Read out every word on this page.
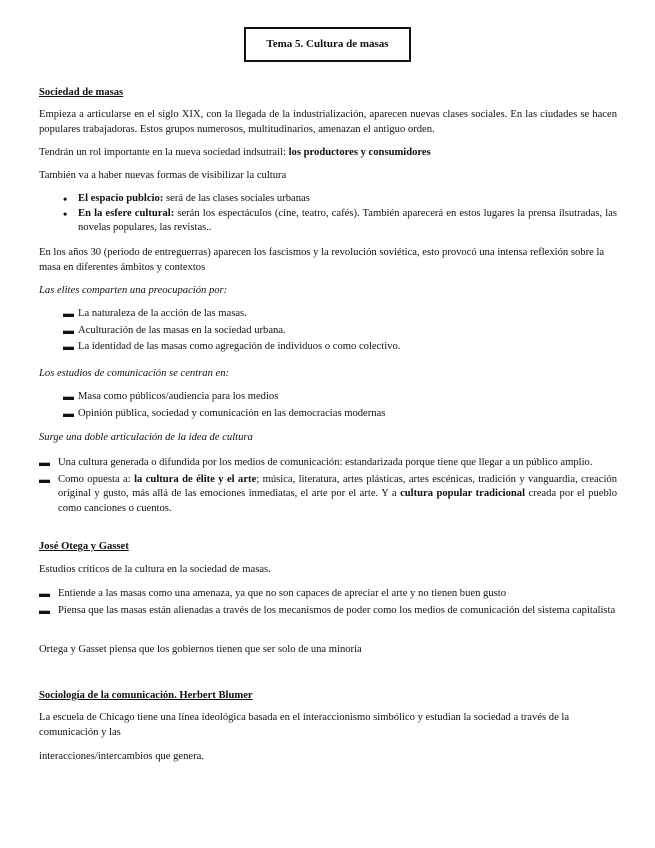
Tema 5. Cultura de masas

Sociedad de masas

Empieza a articularse en el siglo XIX, con la llegada de la industrialización, aparecen nuevas clases sociales. En las ciudades se hacen populares trabajadoras. Estos grupos numerosos, multitudinarios, amenazan el antiguo orden.

Tendrán un rol importante en la nueva sociedad indsutrail: los productores y consumidores

También va a haber nuevas formas de visibilizar la cultura

• El espacio publcio: será de las clases sociales urbanas
• En la esfere cultural: serán los espectáculos (cine, teatro, cafés). También aparecerá en estos lugares la prensa ilsutradas, las novelas populares, las revistas..

En los años 30 (periodo de entreguerras) aparecen los fascismos y la revolución soviética, esto provocó una intensa reflexión sobre la masa en diferentes ámbitos y contextos

Las elites comparten una preocupación por:

▬ La naturaleza de la acción de las masas.
▬ Aculturación de las masas en la sociedad urbana.
▬ La identidad de las masas como agregación de individuos o como colectivo.

Los estudios de comunicación se centran en:

▬ Masa como públicos/audiencia para los medios
▬ Opinión pública, sociedad y comunicación en las democracias modernas

Surge una doble articulación de la idea de cultura

▬ Una cultura generada o difundida por los medios de comunicación: estandarizada porque tiene que llegar a un público amplio.
▬ Como opuesta a: la cultura de élite y el arte; música, literatura, artes plásticas, artes escénicas, tradición y vanguardia, creación original y gusto, más allá de las emociones inmediatas, el arte por el arte. Y a cultura popular tradicional creada por el pueblo como canciones o cuentos.

José Otega y Gasset

Estudios críticos de la cultura en la sociedad de masas.

▬ Entiende a las masas como una amenaza, ya que no son capaces de apreciar el arte y no tienen buen gusto
▬ Piensa que las masas están alienadas a través de los mecanismos de poder como los medios de comunicación del sistema capitalista

Ortega y Gasset piensa que los gobiernos tienen que ser solo de una minoría

Sociología de la comunicación. Herbert Blumer

La escuela de Chicago tiene una línea ideológica basada en el interaccionismo simbólico y estudian la sociedad a través de la comunicación y las

interacciones/intercambios que genera.
